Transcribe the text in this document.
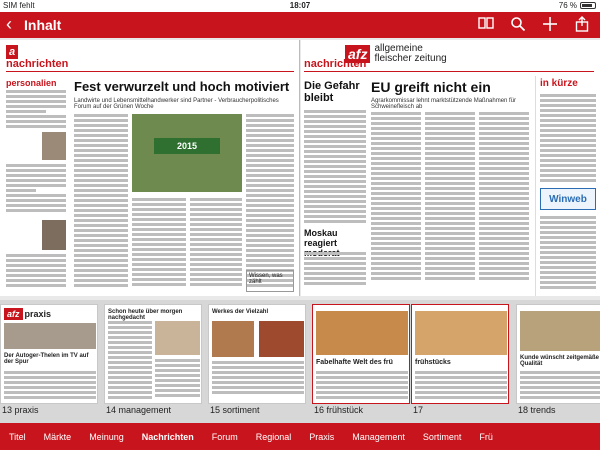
SIM fehlt	18:07	76 %
‹ Inhalt
a
nachrichten
personalien Fest verwurzelt und hoch motiviert
Landwirte und Lebensmittelhandwerker sind Partner - Verbraucherpolitisches Forum auf der Grünen Woche
2015
Wissen, was zählt
afz allgemeine
fleischer zeitung
nachrichten
Die Gefahr bleibt
Moskau reagiert
EU greift nicht ein
Agrarkommissar lehnt marktstützende Maßnahmen für Schweinefleisch ab
in kürze
Winweb
afz praxis
Der Autoger-Thelen im TV auf der Spur
13 praxis
Schon heute über morgen nachgedacht
14 management
Werkes der Vielzahl
15 sortiment
Fabelhafte Welt des frü	frühstücks
16 frühstück	17
Kunde wünscht zeitgemäße Qualität
18 trends
Titel	Märkte	Meinung	Nachrichten	Forum	Regional	Praxis	Management	Sortiment	Frü
